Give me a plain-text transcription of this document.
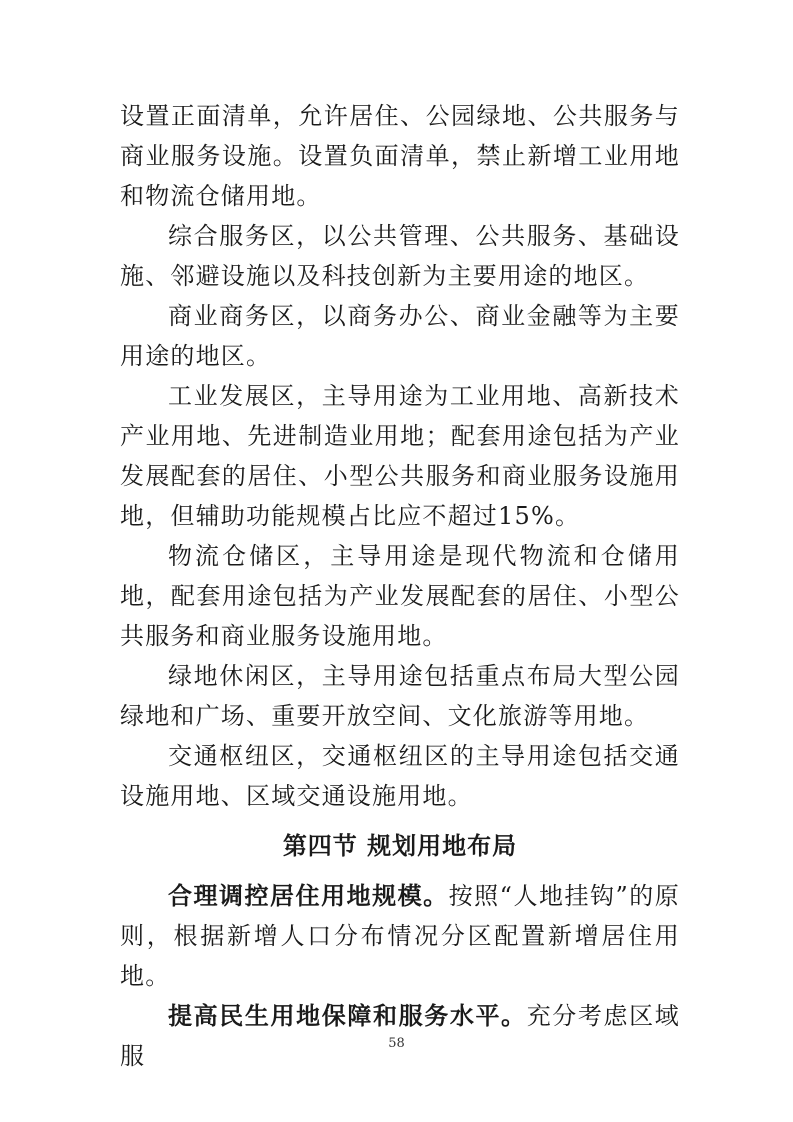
设置正面清单，允许居住、公园绿地、公共服务与商业服务设施。设置负面清单，禁止新增工业用地和物流仓储用地。

综合服务区，以公共管理、公共服务、基础设施、邻避设施以及科技创新为主要用途的地区。

商业商务区，以商务办公、商业金融等为主要用途的地区。

工业发展区，主导用途为工业用地、高新技术产业用地、先进制造业用地；配套用途包括为产业发展配套的居住、小型公共服务和商业服务设施用地，但辅助功能规模占比应不超过15%。

物流仓储区，主导用途是现代物流和仓储用地，配套用途包括为产业发展配套的居住、小型公共服务和商业服务设施用地。

绿地休闲区，主导用途包括重点布局大型公园绿地和广场、重要开放空间、文化旅游等用地。

交通枢纽区，交通枢纽区的主导用途包括交通设施用地、区域交通设施用地。

第四节 规划用地布局

合理调控居住用地规模。按照“人地挂钩”的原则，根据新增人口分布情况分区配置新增居住用地。

提高民生用地保障和服务水平。充分考虑区域服	58
